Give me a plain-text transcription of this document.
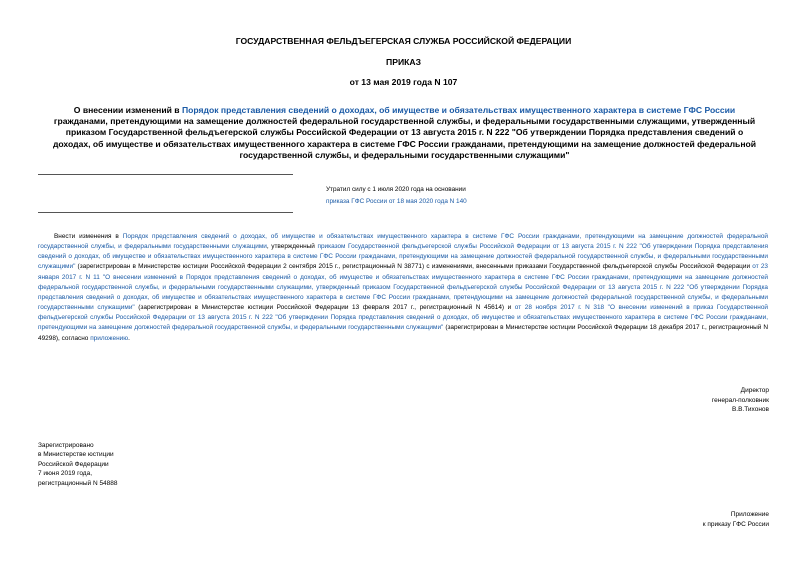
ГОСУДАРСТВЕННАЯ ФЕЛЬДЪЕГЕРСКАЯ СЛУЖБА РОССИЙСКОЙ ФЕДЕРАЦИИ
ПРИКАЗ
от 13 мая 2019 года N 107
О внесении изменений в Порядок представления сведений о доходах, об имуществе и обязательствах имущественного характера в системе ГФС России гражданами, претендующими на замещение должностей федеральной государственной службы, и федеральными государственными служащими, утвержденный приказом Государственной фельдъегерской службы Российской Федерации от 13 августа 2015 г. N 222 "Об утверждении Порядка представления сведений о доходах, об имуществе и обязательствах имущественного характера в системе ГФС России гражданами, претендующими на замещение должностей федеральной государственной службы, и федеральными государственными служащими"
Утратил силу с 1 июля 2020 года на основании
приказа ГФС России от 18 мая 2020 года N 140
Внести изменения в Порядок представления сведений о доходах, об имуществе и обязательствах имущественного характера в системе ГФС России гражданами, претендующими на замещение должностей федеральной государственной службы, и федеральными государственными служащими, утвержденный приказом Государственной фельдъегерской службы Российской Федерации от 13 августа 2015 г. N 222 "Об утверждении Порядка представления сведений о доходах, об имуществе и обязательствах имущественного характера в системе ГФС России гражданами, претендующими на замещение должностей федеральной государственной службы, и федеральными государственными служащими" (зарегистрирован в Министерстве юстиции Российской Федерации 2 сентября 2015 г., регистрационный N 38771) с изменениями, внесенными приказами Государственной фельдъегерской службы Российской Федерации от 23 января 2017 г. N 11 "О внесении изменений в Порядок представления сведений о доходах, об имуществе и обязательствах имущественного характера в системе ГФС России гражданами, претендующими на замещение должностей федеральной государственной службы, и федеральными государственными служащими, утвержденный приказом Государственной фельдъегерской службы Российской Федерации от 13 августа 2015 г. N 222 "Об утверждении Порядка представления сведений о доходах, об имуществе и обязательствах имущественного характера в системе ГФС России гражданами, претендующими на замещение должностей федеральной государственной службы, и федеральными государственными служащими" (зарегистрирован в Министерстве юстиции Российской Федерации 13 февраля 2017 г., регистрационный N 45614) и от 28 ноября 2017 г. N 318 "О внесении изменений в приказ Государственной фельдъегерской службы Российской Федерации от 13 августа 2015 г. N 222 "Об утверждении Порядка представления сведений о доходах, об имуществе и обязательствах имущественного характера в системе ГФС России гражданами, претендующими на замещение должностей федеральной государственной службы, и федеральными государственными служащими" (зарегистрирован в Министерстве юстиции Российской Федерации 18 декабря 2017 г., регистрационный N 49298), согласно приложению.
Директор
генерал-полковник
В.В.Тихонов
Зарегистрировано
в Министерстве юстиции
Российской Федерации
7 июня 2019 года,
регистрационный N 54888
Приложение
к приказу ГФС России
